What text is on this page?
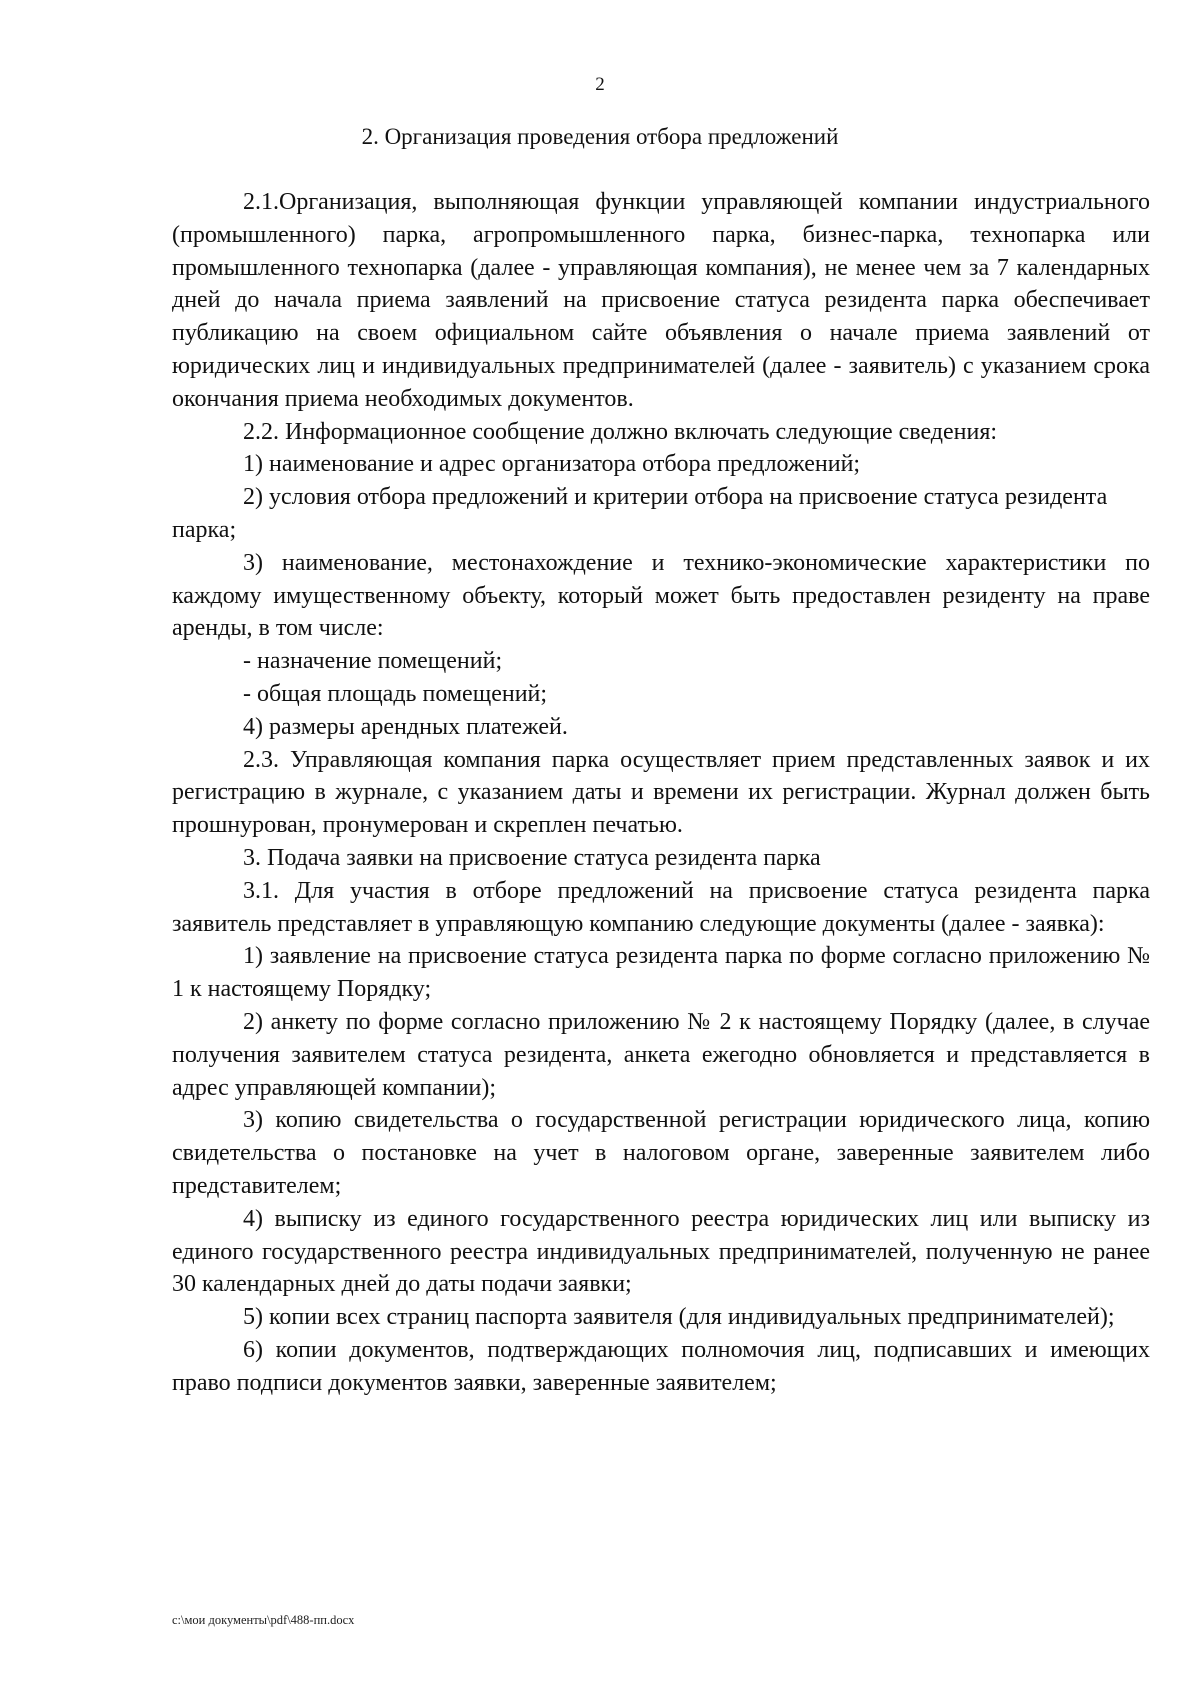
2
2. Организация проведения отбора предложений

2.1.Организация, выполняющая функции управляющей компании индустриального (промышленного) парка, агропромышленного парка, бизнес-парка, технопарка или промышленного технопарка (далее - управляющая компания), не менее чем за 7 календарных дней до начала приема заявлений на присвоение статуса резидента парка обеспечивает публикацию на своем официальном сайте объявления о начале приема заявлений от юридических лиц и индивидуальных предпринимателей (далее - заявитель) с указанием срока окончания приема необходимых документов.

2.2. Информационное сообщение должно включать следующие сведения:

1) наименование и адрес организатора отбора предложений;

2) условия отбора предложений и критерии отбора на присвоение статуса резидента парка;

3) наименование, местонахождение и технико-экономические характеристики по каждому имущественному объекту, который может быть предоставлен резиденту на праве аренды, в том числе:

- назначение помещений;

- общая площадь помещений;

4) размеры арендных платежей.

2.3. Управляющая компания парка осуществляет прием представленных заявок и их регистрацию в журнале, с указанием даты и времени их регистрации. Журнал должен быть прошнурован, пронумерован и скреплен печатью.

3. Подача заявки на присвоение статуса резидента парка

3.1. Для участия в отборе предложений на присвоение статуса резидента парка заявитель представляет в управляющую компанию следующие документы (далее - заявка):

1) заявление на присвоение статуса резидента парка по форме согласно приложению № 1 к настоящему Порядку;

2) анкету по форме согласно приложению № 2 к настоящему Порядку (далее, в случае получения заявителем статуса резидента, анкета ежегодно обновляется и представляется в адрес управляющей компании);

3) копию свидетельства о государственной регистрации юридического лица, копию свидетельства о постановке на учет в налоговом органе, заверенные заявителем либо представителем;

4) выписку из единого государственного реестра юридических лиц или выписку из единого государственного реестра индивидуальных предпринимателей, полученную не ранее 30 календарных дней до даты подачи заявки;

5) копии всех страниц паспорта заявителя (для индивидуальных предпринимателей);

6) копии документов, подтверждающих полномочия лиц, подписавших и имеющих право подписи документов заявки, заверенные заявителем;

c:\мои документы\pdf\488-пп.docx
